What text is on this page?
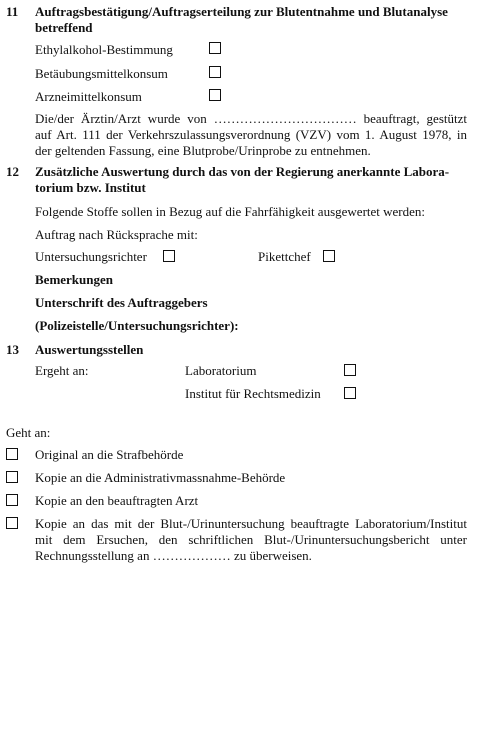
11 Auftragsbestätigung/Auftragserteilung zur Blutentnahme und Blutanalyse
betreffend
Ethylalkohol-Bestimmung
Betäubungsmittelkonsum
Arzneimittelkonsum
Die/der Ärztin/Arzt wurde von …………………………… beauftragt, gestützt
auf Art. 111 der Verkehrszulassungsverordnung (VZV) vom 1. August 1978, in
der geltenden Fassung, eine Blutprobe/Urinprobe zu entnehmen.
12 Zusätzliche Auswertung durch das von der Regierung anerkannte Labora-
torium bzw. Institut
Folgende Stoffe sollen in Bezug auf die Fahrfähigkeit ausgewertet werden:
Auftrag nach Rücksprache mit:
Untersuchungsrichter	Pikettchef
Bemerkungen
Unterschrift des Auftraggebers
(Polizeistelle/Untersuchungsrichter):
13 Auswertungsstellen
Ergeht an:	Laboratorium
Institut für Rechtsmedizin
Geht an:
Original an die Strafbehörde
Kopie an die Administrativmassnahme-Behörde
Kopie an den beauftragten Arzt
Kopie an das mit der Blut-/Urinuntersuchung beauftragte Laboratorium/Institut
mit dem Ersuchen, den schriftlichen Blut-/Urinuntersuchungsbericht unter
Rechnungsstellung an ……………… zu überweisen.
